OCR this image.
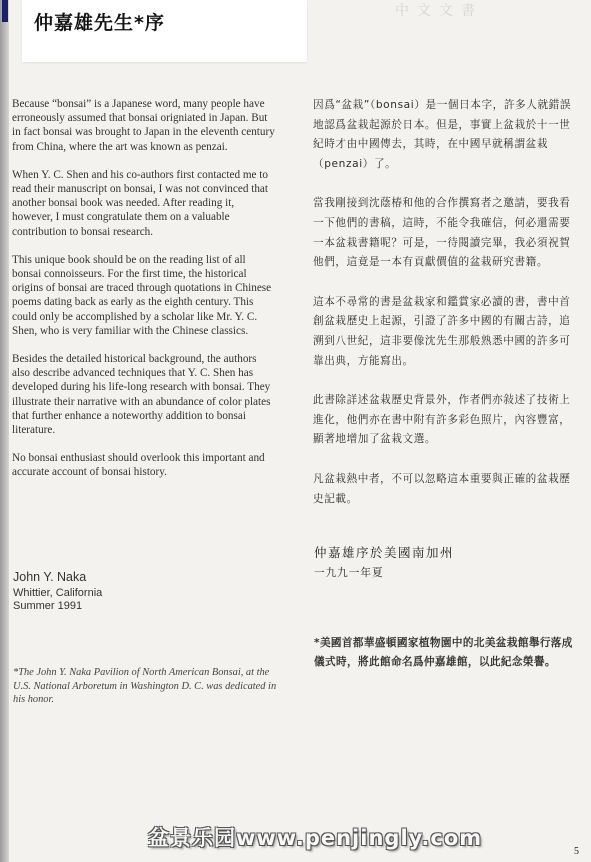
中文文書
仲嘉雄先生*序

Because “bonsai” is a Japanese word, many people have erroneously assumed that bonsai origniated in Japan. But in fact bonsai was brought to Japan in the eleventh century from China, where the art was known as penzai.

When Y. C. Shen and his co-authors first contacted me to read their manuscript on bonsai, I was not convinced that another bonsai book was needed. After reading it, however, I must congratulate them on a valuable contribution to bonsai research.

This unique book should be on the reading list of all bonsai connoisseurs. For the first time, the historical origins of bonsai are traced through quotations in Chinese poems dating back as early as the eighth century. This could only be accomplished by a scholar like Mr. Y. C. Shen, who is very familiar with the Chinese classics.

Besides the detailed historical background, the authors also describe advanced techniques that Y. C. Shen has developed during his life-long research with bonsai. They illustrate their narrative with an abundance of color plates that further enhance a noteworthy addition to bonsai literature.

No bonsai enthusiast should overlook this important and accurate account of bonsai history.

John Y. Naka
Whittier, California
Summer 1991
*The John Y. Naka Pavilion of North American Bonsai, at the U.S. National Arboretum in Washington D. C. was dedicated in his honor.

因爲“盆栽”（bonsai）是一個日本字，許多人就錯誤地認爲盆栽起源於日本。但是，事實上盆栽於十一世紀時才由中國傳去，其時，在中國早就稱謂盆栽（penzai）了。

當我剛接到沈蔭椿和他的合作撰寫者之邀請，要我看一下他們的書稿，這時，不能令我確信，何必還需要一本盆栽書籍呢？可是，一待閱讀完畢，我必須祝賀他們，這竟是一本有貢獻價值的盆栽研究書籍。

這本不尋常的書是盆栽家和鑑賞家必讀的書，書中首創盆栽歷史上起源，引證了許多中國的有關古詩，追溯到八世紀，這非要像沈先生那般熟悉中國的許多可靠出典，方能寫出。

此書除詳述盆栽歷史背景外，作者們亦敍述了技術上進化，他們亦在書中附有許多彩色照片，內容豐富，顯著地增加了盆栽文選。

凡盆栽熱中者，不可以忽略這本重要與正確的盆栽歷史記載。

仲嘉雄序於美國南加州
一九九一年夏
*美國首都華盛頓國家植物園中的北美盆栽館舉行落成儀式時，將此館命名爲仲嘉雄館，以此紀念榮譽。
盆景乐园www.penjingly.com
5
